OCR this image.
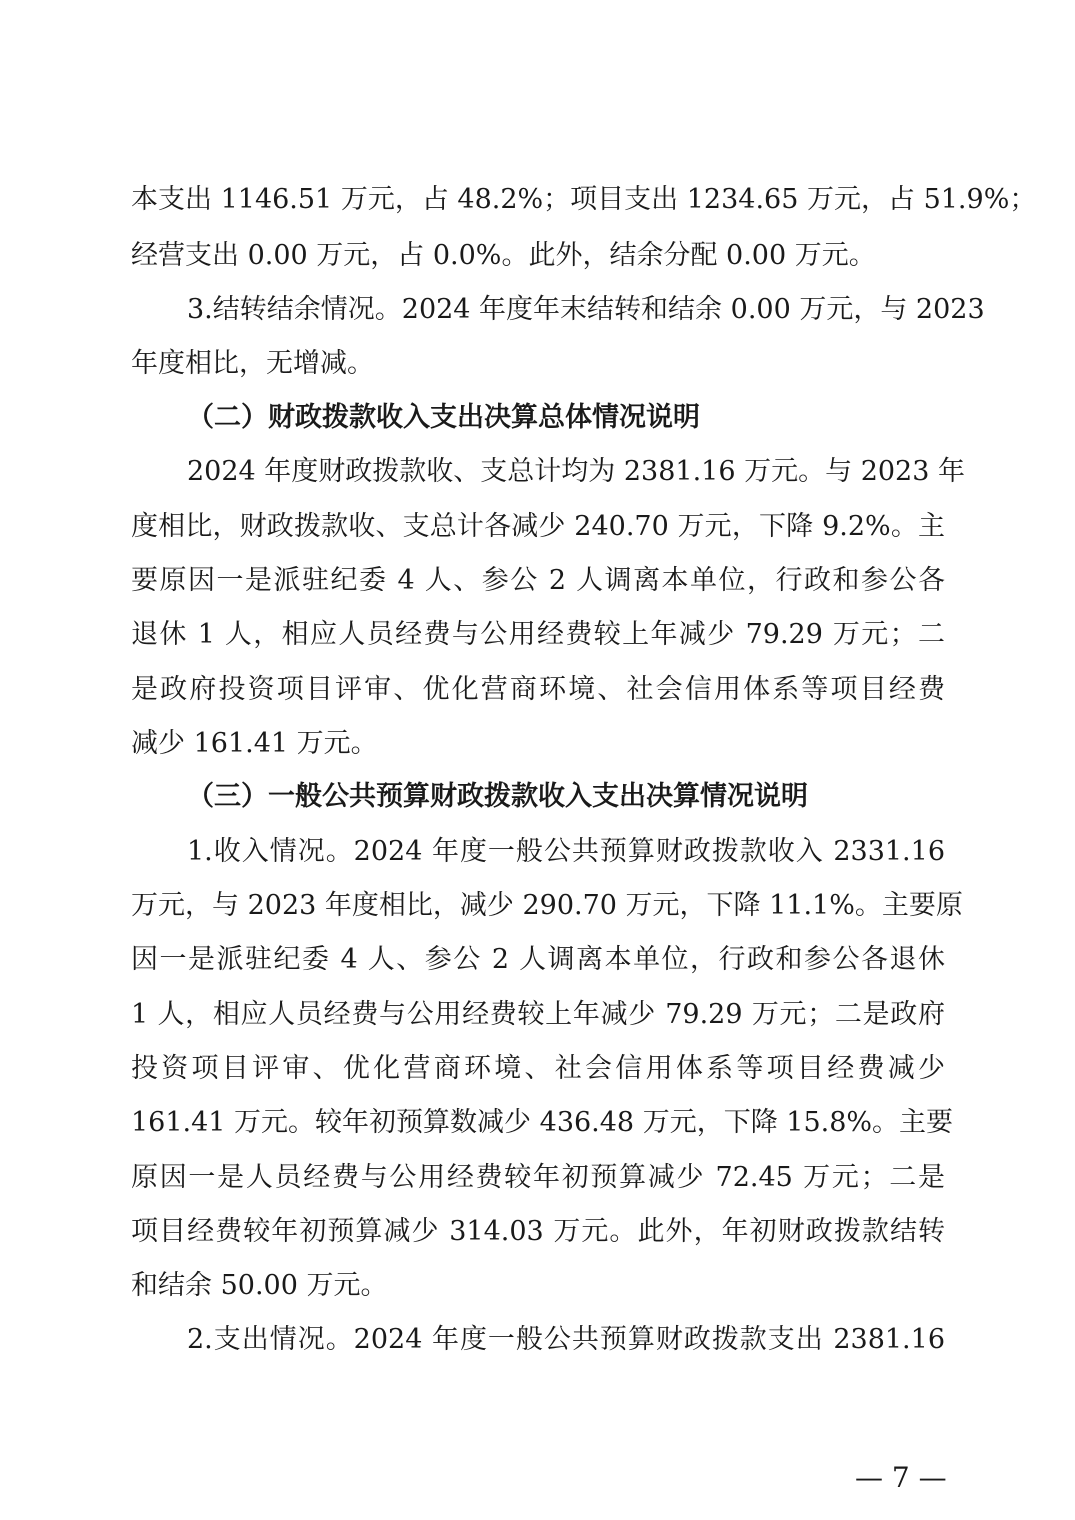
本支出 1146.51 万元，占 48.2%；项目支出 1234.65 万元，占 51.9%；
经营支出 0.00 万元，占 0.0%。此外，结余分配 0.00 万元。
3.结转结余情况。2024 年度年末结转和结余 0.00 万元，与 2023
年度相比，无增减。
（二）财政拨款收入支出决算总体情况说明
2024 年度财政拨款收、支总计均为 2381.16 万元。与 2023 年
度相比，财政拨款收、支总计各减少 240.70 万元，下降 9.2%。主
要原因一是派驻纪委 4 人、参公 2 人调离本单位，行政和参公各
退休 1 人，相应人员经费与公用经费较上年减少 79.29 万元；二
是政府投资项目评审、优化营商环境、社会信用体系等项目经费
减少 161.41 万元。
（三）一般公共预算财政拨款收入支出决算情况说明
1.收入情况。2024 年度一般公共预算财政拨款收入 2331.16
万元，与 2023 年度相比，减少 290.70 万元，下降 11.1%。主要原
因一是派驻纪委 4 人、参公 2 人调离本单位，行政和参公各退休
1 人，相应人员经费与公用经费较上年减少 79.29 万元；二是政府
投资项目评审、优化营商环境、社会信用体系等项目经费减少
161.41 万元。较年初预算数减少 436.48 万元，下降 15.8%。主要
原因一是人员经费与公用经费较年初预算减少 72.45 万元；二是
项目经费较年初预算减少 314.03 万元。此外，年初财政拨款结转
和结余 50.00 万元。
2.支出情况。2024 年度一般公共预算财政拨款支出 2381.16
— 7 —
